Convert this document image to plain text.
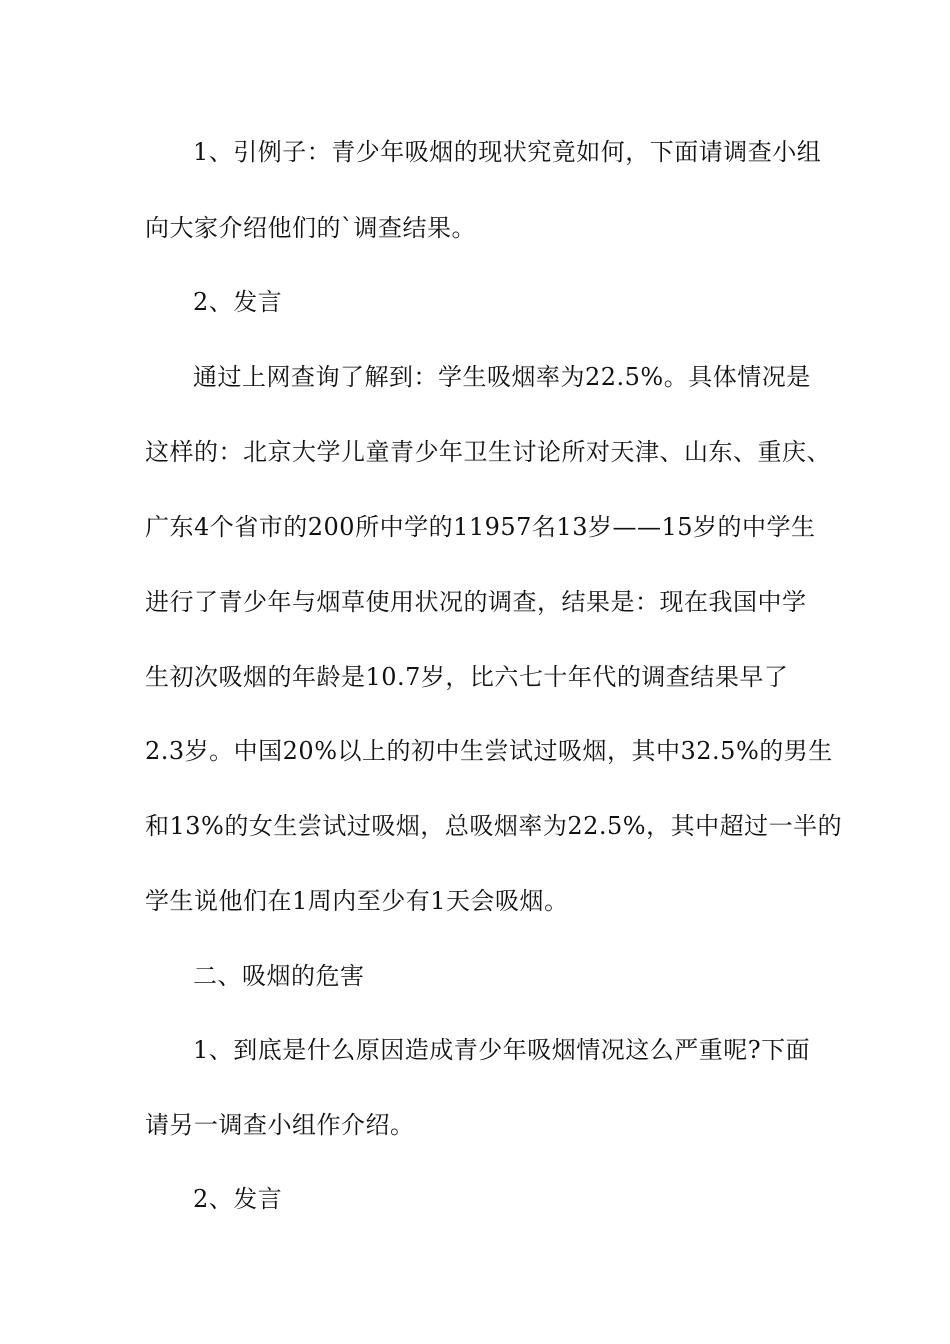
1、引例子：青少年吸烟的现状究竟如何，下面请调查小组
向大家介绍他们的`调查结果。
2、发言
通过上网查询了解到：学生吸烟率为22.5%。具体情况是
这样的：北京大学儿童青少年卫生讨论所对天津、山东、重庆、
广东4个省市的200所中学的11957名13岁——15岁的中学生
进行了青少年与烟草使用状况的调查，结果是：现在我国中学
生初次吸烟的年龄是10.7岁，比六七十年代的调查结果早了
2.3岁。中国20%以上的初中生尝试过吸烟，其中32.5%的男生
和13%的女生尝试过吸烟，总吸烟率为22.5%，其中超过一半的
学生说他们在1周内至少有1天会吸烟。
二、吸烟的危害
1、到底是什么原因造成青少年吸烟情况这么严重呢?下面
请另一调查小组作介绍。
2、发言
